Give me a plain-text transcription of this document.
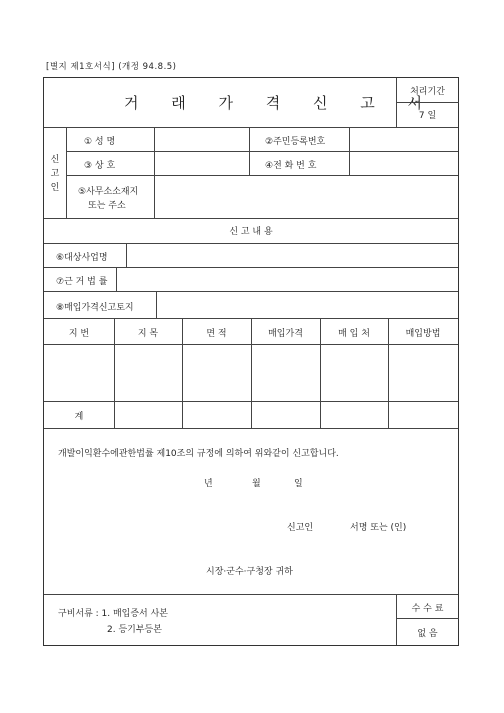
[별지 제1호서식] (개정 94.8.5)
거 래 가 격 신 고 서
처리기간
7 일
신
고
인
① 성 명	②주민등록번호
③ 상 호	④전 화 번 호
⑤사무소소재지
또는 주소
신 고 내 용
⑥대상사업명
⑦근 거 법 률
⑧매입가격신고토지
지 번	지 목	면 적	매입가격	매 입 처	매입방법
계
개발이익환수에관한법률 제10조의 규정에 의하여 위와같이 신고합니다.
년	월	일
신고인	서명 또는 (인)
시장·군수·구청장 귀하
구비서류 : 1. 매입증서 사본
2. 등기부등본
수 수 료
없 음
